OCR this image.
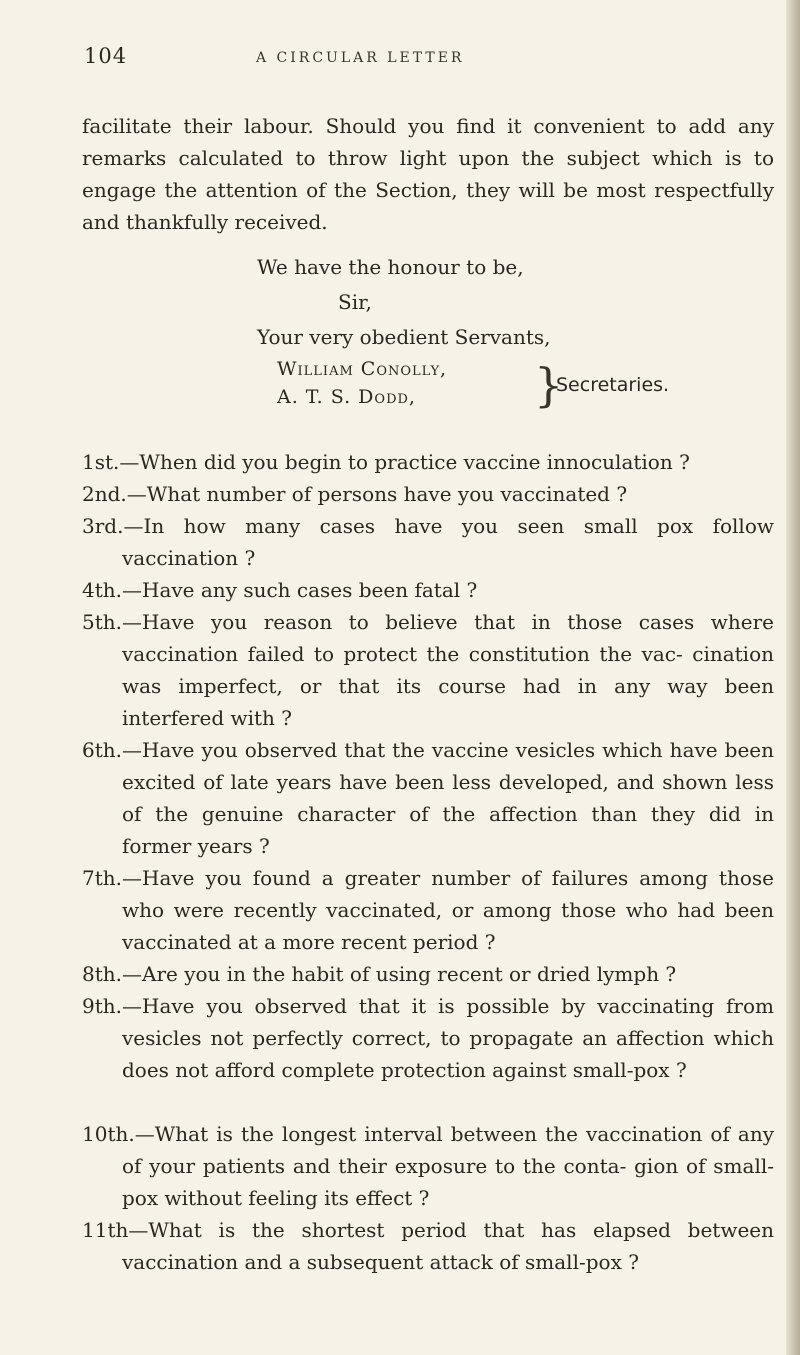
104	A CIRCULAR LETTER

facilitate their labour. Should you find it convenient to add any remarks calculated to throw light upon the subject which is to engage the attention of the Section, they will be most respectfully and thankfully received.

We have the honour to be,
Sir,
Your very obedient Servants,
William Conolly,
A. T. S. Dodd,	}
Secretaries.
1st.—When did you begin to practice vaccine innoculation ?
2nd.—What number of persons have you vaccinated ?
3rd.—In how many cases have you seen small pox follow vaccination ?
4th.—Have any such cases been fatal ?
5th.—Have you reason to believe that in those cases where vaccination failed to protect the constitution the vac- cination was imperfect, or that its course had in any way been interfered with ?
6th.—Have you observed that the vaccine vesicles which have been excited of late years have been less developed, and shown less of the genuine character of the affection than they did in former years ?
7th.—Have you found a greater number of failures among those who were recently vaccinated, or among those who had been vaccinated at a more recent period ?
8th.—Are you in the habit of using recent or dried lymph ?
9th.—Have you observed that it is possible by vaccinating from vesicles not perfectly correct, to propagate an affection which does not afford complete protection against small-pox ?
10th.—What is the longest interval between the vaccination of any of your patients and their exposure to the conta- gion of small-pox without feeling its effect ?
11th—What is the shortest period that has elapsed between vaccination and a subsequent attack of small-pox ?
